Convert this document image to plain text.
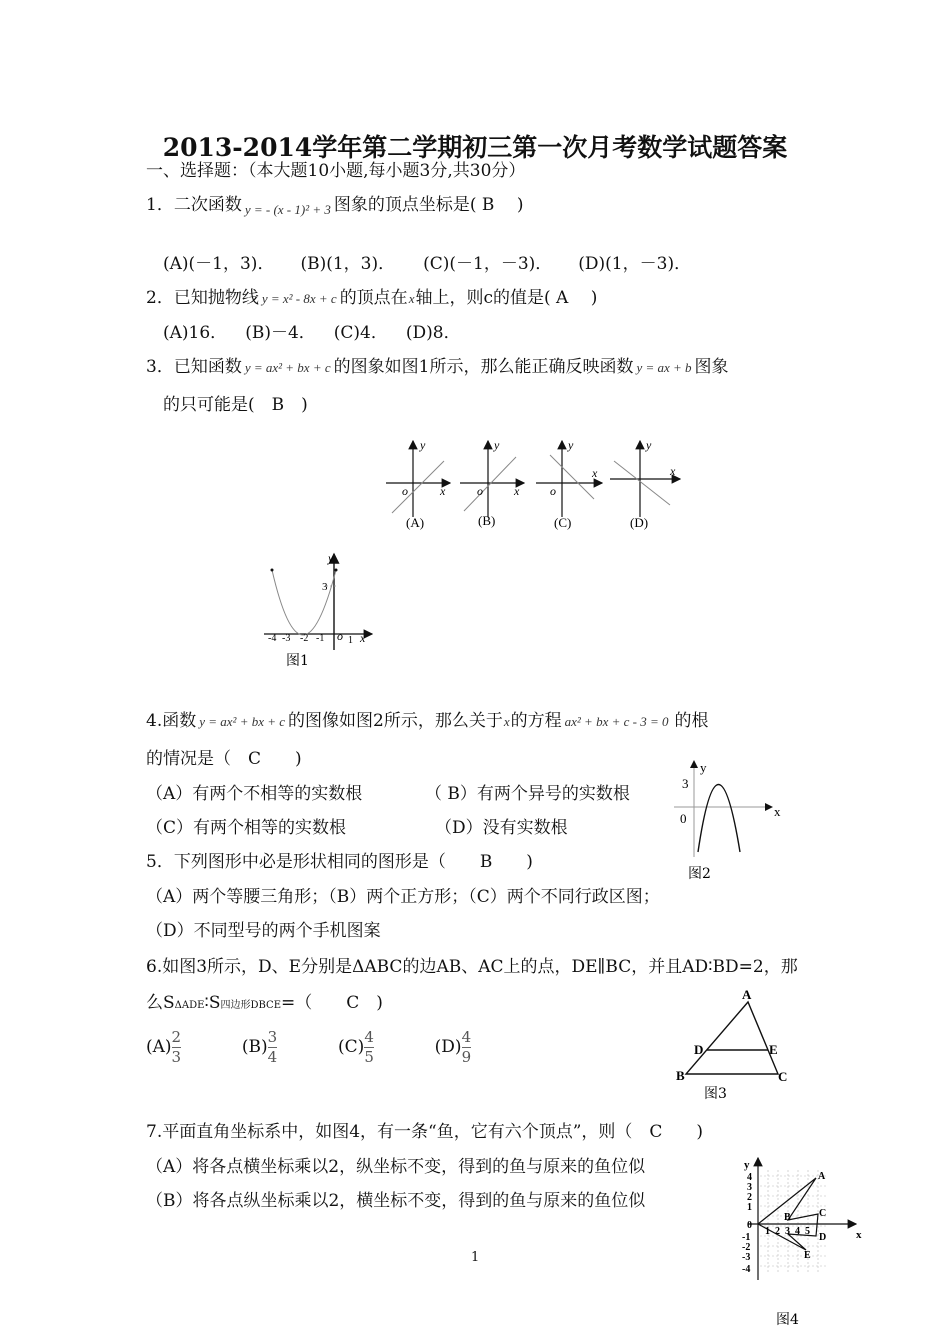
2013-2014学年第二学期初三第一次月考数学试题答案
一、选择题：（本大题10小题,每小题3分,共30分）
1．二次函数 y = - (x - 1)² + 3 图象的顶点坐标是( B　 )
(A)(－1，3)． (B)(1，3)． (C)(－1，－3)． (D)(1，－3)．
2．已知抛物线 y = x² - 8x + c 的顶点在x轴上，则c的值是( A　 )
(A)16． (B)－4． (C)4． (D)8．
3．已知函数 y = ax² + bx + c 的图象如图1所示，那么能正确反映函数 y = ax + b 图象
的只可能是(　B　)
o	x
y
(A)
o	x
y
(B)
o
x
y
(C)
x
y
(D)
y
3
-4 -3 -2 -1 o 1 x
图1
4.函数 y = ax² + bx + c 的图像如图2所示，那么关于x的方程 ax² + bx + c - 3 = 0 的根
的情况是（　C　　)
（A）有两个不相等的实数根	（ B）有两个异号的实数根
（C）有两个相等的实数根	（D）没有实数根
y
3
0	x
图2
5．下列图形中必是形状相同的图形是（　　B　　)
（A）两个等腰三角形；（B）两个正方形；（C）两个不同行政区图；
（D）不同型号的两个手机图案
6.如图3所示，D、E分别是ΔABC的边AB、AC上的点，DE∥BC，并且AD∶BD=2，那
么SΔADE∶S四边形DBCE=（　　C　)
$(A) \frac{2}{3}$	$(B) \frac{3}{4}$	$(C) \frac{4}{5}$	$(D) \frac{4}{9}$
A
D	E
B	C
图3
7.平面直角坐标系中，如图4，有一条“鱼，它有六个顶点”，则（　C　　)
（A）将各点横坐标乘以2，纵坐标不变，得到的鱼与原来的鱼位似
（B）将各点纵坐标乘以2，横坐标不变，得到的鱼与原来的鱼位似
y
x
4
3
2
1
0
-1
-2
-3
-4
1 2 3 4 5
A
B	C
D
E
图4
1
